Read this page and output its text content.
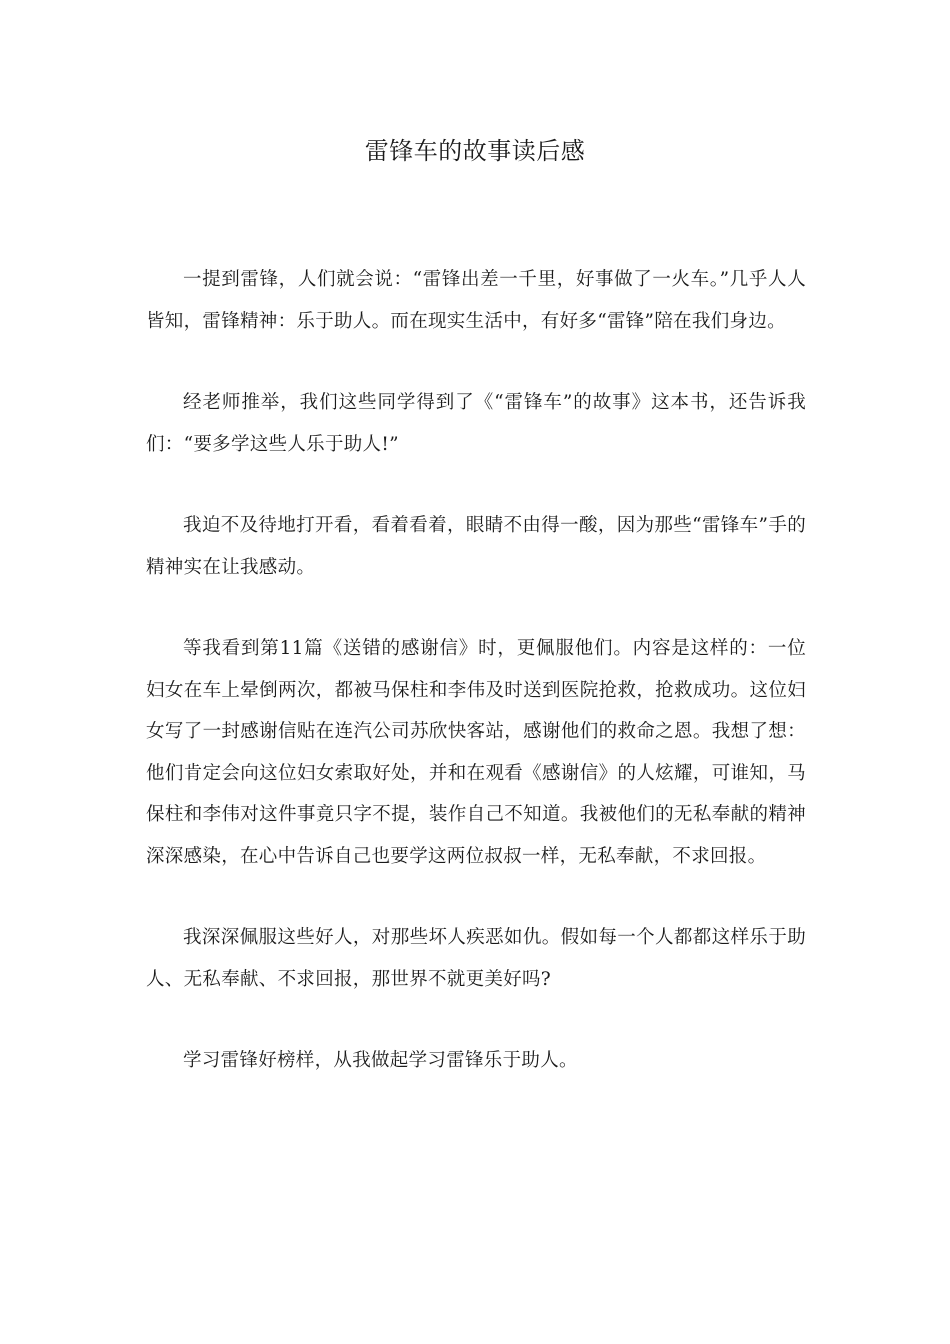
雷锋车的故事读后感

一提到雷锋，人们就会说：“雷锋出差一千里，好事做了一火车。”几乎人人皆知，雷锋精神：乐于助人。而在现实生活中，有好多“雷锋”陪在我们身边。

经老师推举，我们这些同学得到了《“雷锋车”的故事》这本书，还告诉我们：“要多学这些人乐于助人!”

我迫不及待地打开看，看着看着，眼睛不由得一酸，因为那些“雷锋车”手的精神实在让我感动。

等我看到第11篇《送错的感谢信》时，更佩服他们。内容是这样的：一位妇女在车上晕倒两次，都被马保柱和李伟及时送到医院抢救，抢救成功。这位妇女写了一封感谢信贴在连汽公司苏欣快客站，感谢他们的救命之恩。我想了想：他们肯定会向这位妇女索取好处，并和在观看《感谢信》的人炫耀，可谁知，马保柱和李伟对这件事竟只字不提，装作自己不知道。我被他们的无私奉献的精神深深感染，在心中告诉自己也要学这两位叔叔一样，无私奉献，不求回报。

我深深佩服这些好人，对那些坏人疾恶如仇。假如每一个人都都这样乐于助人、无私奉献、不求回报，那世界不就更美好吗?

学习雷锋好榜样，从我做起学习雷锋乐于助人。
